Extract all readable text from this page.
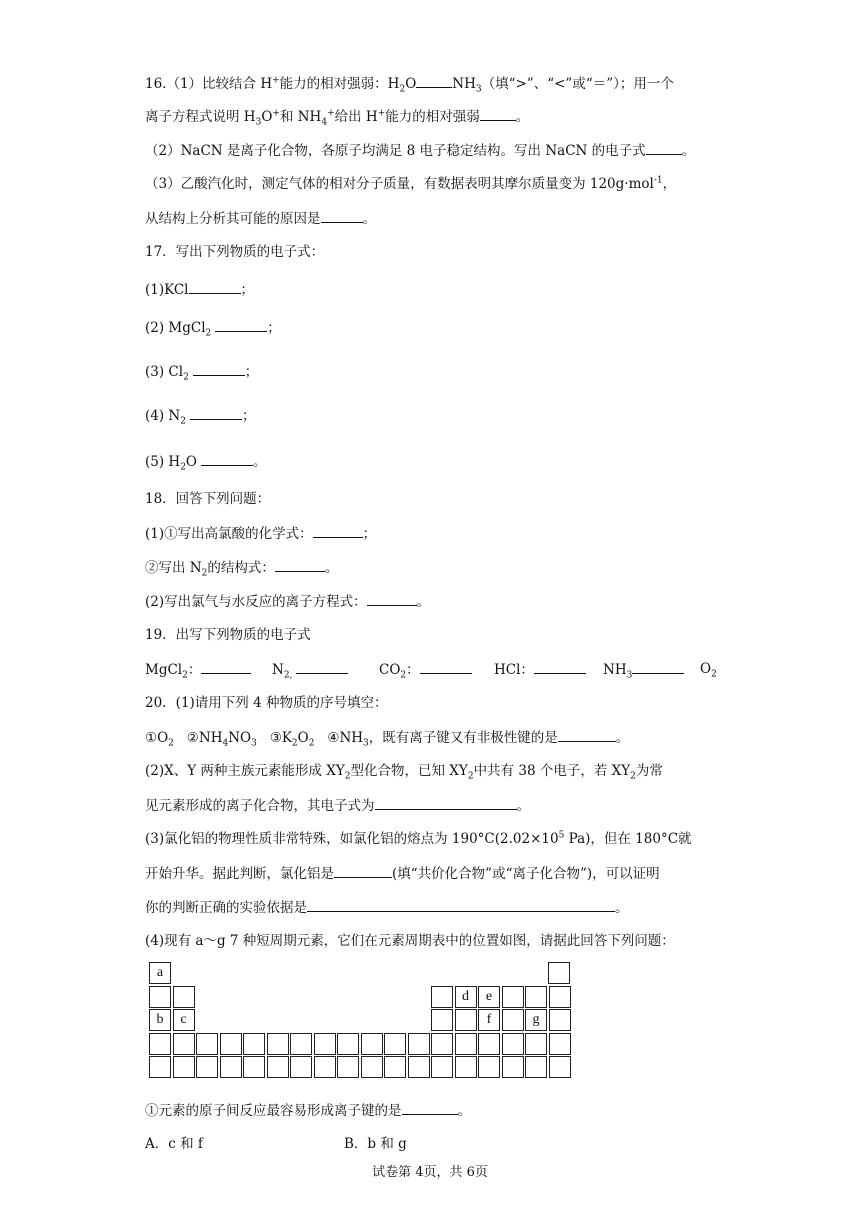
16.（1）比较结合 H+能力的相对强弱：$H_2O$	$NH_3$（填“>”、“<”或“＝”）；用一个
离子方程式说明 $H_3O^+$和 $NH_4^+$给出 H+能力的相对强弱	。
（2）NaCN 是离子化合物，各原子均满足 8 电子稳定结构。写出 NaCN 的电子式	。
（3）乙酸汽化时，测定气体的相对分子质量，有数据表明其摩尔质量变为 120g·mol$^{-1}$，
从结构上分析其可能的原因是	。
17．写出下列物质的电子式：
(1)KCl	；
(2) MgCl$_2$	；
(3) $Cl_2$	；
(4) $N_2$	；
(5) $H_2O$	。
18．回答下列问题：
(1)①写出高氯酸的化学式：	；
②写出 $N_2$的结构式：	。
(2)写出氯气与水反应的离子方程式：	。
19．出写下列物质的电子式
MgCl$_2$：	$N_{2,}$	$CO_2$：	HCl：	$NH_3$	$O_2$
20．(1)请用下列 4 种物质的序号填空：
$①O_2$ $②NH_4NO_3$ $③K_2O_2$ $④NH_3$，既有离子键又有非极性键的是	。
(2)X、Y 两种主族元素能形成 $XY_2$型化合物，已知 $XY_2$中共有 38 个电子，若 $XY_2$为常
见元素形成的离子化合物，其电子式为	。
(3)氯化铝的物理性质非常特殊，如氯化铝的熔点为 $190^\circ C(2.02\times 10^5$ Pa)，但在 180°C就
开始升华。据此判断，氯化铝是	(填“共价化合物”或“离子化合物”)，可以证明
你的判断正确的实验依据是	。
(4)现有 a～g 7 种短周期元素，它们在元素周期表中的位置如图，请据此回答下列问题：
a
d	e
b	c	f	g
①元素的原子间反应最容易形成离子键的是	。
A．c 和 f	B．b 和 g
试卷第 4页，共 6页
